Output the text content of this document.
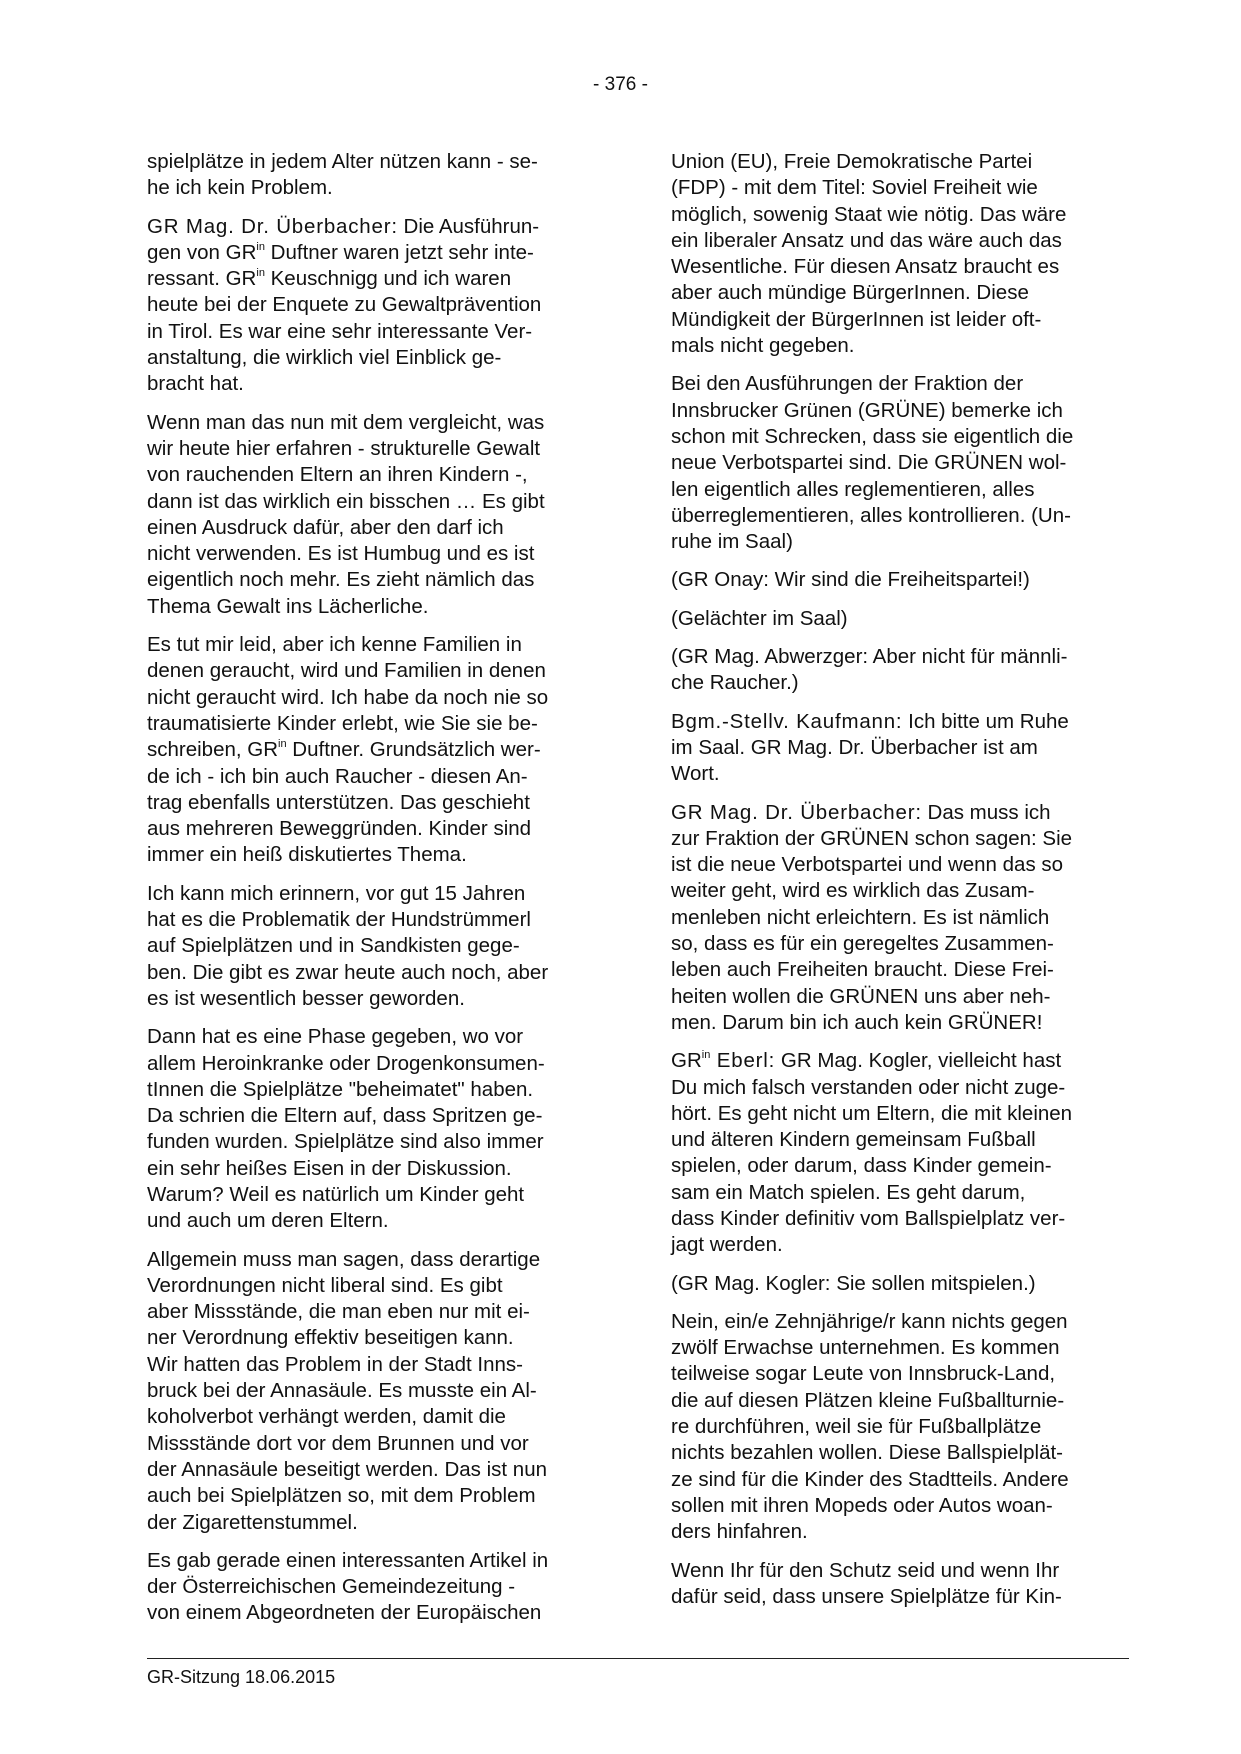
- 376 -

spielplätze in jedem Alter nützen kann - se-
he ich kein Problem.

GR Mag. Dr. Überbacher: Die Ausführun-
gen von $GR^{in}$ Duftner waren jetzt sehr inte-
ressant. $GR^{in}$ Keuschnigg und ich waren
heute bei der Enquete zu Gewaltprävention
in Tirol. Es war eine sehr interessante Ver-
anstaltung, die wirklich viel Einblick ge-
bracht hat.

Wenn man das nun mit dem vergleicht, was
wir heute hier erfahren - strukturelle Gewalt
von rauchenden Eltern an ihren Kindern -,
dann ist das wirklich ein bisschen … Es gibt
einen Ausdruck dafür, aber den darf ich
nicht verwenden. Es ist Humbug und es ist
eigentlich noch mehr. Es zieht nämlich das
Thema Gewalt ins Lächerliche.

Es tut mir leid, aber ich kenne Familien in
denen geraucht, wird und Familien in denen
nicht geraucht wird. Ich habe da noch nie so
traumatisierte Kinder erlebt, wie Sie sie be-
schreiben, $GR^{in}$ Duftner. Grundsätzlich wer-
de ich - ich bin auch Raucher - diesen An-
trag ebenfalls unterstützen. Das geschieht
aus mehreren Beweggründen. Kinder sind
immer ein heiß diskutiertes Thema.

Ich kann mich erinnern, vor gut 15 Jahren
hat es die Problematik der Hundstrümmerl
auf Spielplätzen und in Sandkisten gege-
ben. Die gibt es zwar heute auch noch, aber
es ist wesentlich besser geworden.

Dann hat es eine Phase gegeben, wo vor
allem Heroinkranke oder Drogenkonsumen-
tInnen die Spielplätze "beheimatet" haben.
Da schrien die Eltern auf, dass Spritzen ge-
funden wurden. Spielplätze sind also immer
ein sehr heißes Eisen in der Diskussion.
Warum? Weil es natürlich um Kinder geht
und auch um deren Eltern.

Allgemein muss man sagen, dass derartige
Verordnungen nicht liberal sind. Es gibt
aber Missstände, die man eben nur mit ei-
ner Verordnung effektiv beseitigen kann.
Wir hatten das Problem in der Stadt Inns-
bruck bei der Annasäule. Es musste ein Al-
koholverbot verhängt werden, damit die
Missstände dort vor dem Brunnen und vor
der Annasäule beseitigt werden. Das ist nun
auch bei Spielplätzen so, mit dem Problem
der Zigarettenstummel.

Es gab gerade einen interessanten Artikel in
der Österreichischen Gemeindezeitung -
von einem Abgeordneten der Europäischen

Union (EU), Freie Demokratische Partei
(FDP) - mit dem Titel: Soviel Freiheit wie
möglich, sowenig Staat wie nötig. Das wäre
ein liberaler Ansatz und das wäre auch das
Wesentliche. Für diesen Ansatz braucht es
aber auch mündige BürgerInnen. Diese
Mündigkeit der BürgerInnen ist leider oft-
mals nicht gegeben.

Bei den Ausführungen der Fraktion der
Innsbrucker Grünen (GRÜNE) bemerke ich
schon mit Schrecken, dass sie eigentlich die
neue Verbotspartei sind. Die GRÜNEN wol-
len eigentlich alles reglementieren, alles
überreglementieren, alles kontrollieren. (Un-
ruhe im Saal)

(GR Onay: Wir sind die Freiheitspartei!)

(Gelächter im Saal)

(GR Mag. Abwerzger: Aber nicht für männli-
che Raucher.)

Bgm.-Stellv. Kaufmann: Ich bitte um Ruhe
im Saal. GR Mag. Dr. Überbacher ist am
Wort.

GR Mag. Dr. Überbacher: Das muss ich
zur Fraktion der GRÜNEN schon sagen: Sie
ist die neue Verbotspartei und wenn das so
weiter geht, wird es wirklich das Zusam-
menleben nicht erleichtern. Es ist nämlich
so, dass es für ein geregeltes Zusammen-
leben auch Freiheiten braucht. Diese Frei-
heiten wollen die GRÜNEN uns aber neh-
men. Darum bin ich auch kein GRÜNER!

$GR^{in}$ Eberl: GR Mag. Kogler, vielleicht hast
Du mich falsch verstanden oder nicht zuge-
hört. Es geht nicht um Eltern, die mit kleinen
und älteren Kindern gemeinsam Fußball
spielen, oder darum, dass Kinder gemein-
sam ein Match spielen. Es geht darum,
dass Kinder definitiv vom Ballspielplatz ver-
jagt werden.

(GR Mag. Kogler: Sie sollen mitspielen.)

Nein, ein/e Zehnjährige/r kann nichts gegen
zwölf Erwachse unternehmen. Es kommen
teilweise sogar Leute von Innsbruck-Land,
die auf diesen Plätzen kleine Fußballturnie-
re durchführen, weil sie für Fußballplätze
nichts bezahlen wollen. Diese Ballspielplät-
ze sind für die Kinder des Stadtteils. Andere
sollen mit ihren Mopeds oder Autos woan-
ders hinfahren.

Wenn Ihr für den Schutz seid und wenn Ihr
dafür seid, dass unsere Spielplätze für Kin-

GR-Sitzung 18.06.2015
